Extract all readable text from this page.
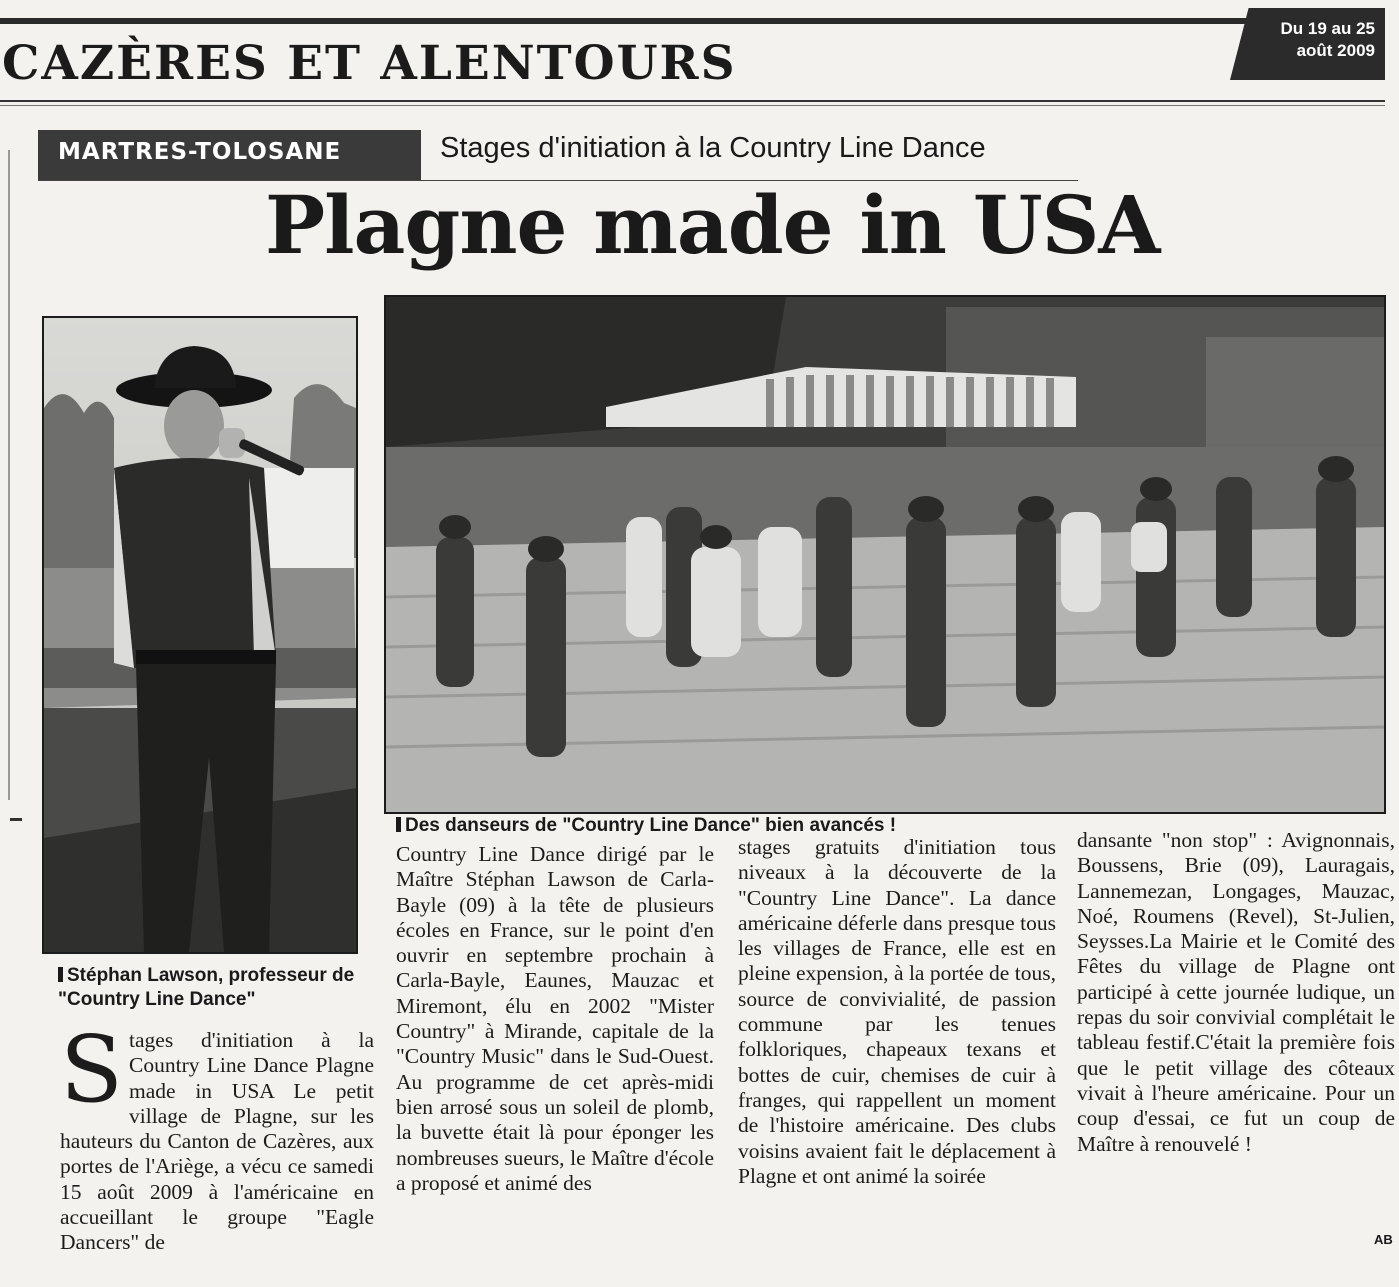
Du 19 au 25
août 2009
CAZÈRES ET ALENTOURS
MARTRES-TOLOSANE	Stages d'initiation à la Country Line Dance
Plagne made in USA
Stéphan Lawson, professeur de
"Country Line Dance"
Des danseurs de "Country Line Dance" bien avancés !

Stages d'initiation à la Country Line Dance Plagne made in USA Le petit village de Plagne, sur les hauteurs du Canton de Cazères, aux portes de l'Ariège, a vécu ce samedi 15 août 2009 à l'américaine en accueillant le groupe "Eagle Dancers" de

Country Line Dance dirigé par le Maître Stéphan Lawson de Carla-Bayle (09) à la tête de plusieurs écoles en France, sur le point d'en ouvrir en septembre prochain à Carla-Bayle, Eaunes, Mauzac et Miremont, élu en 2002 "Mister Country" à Mirande, capitale de la "Country Music" dans le Sud-Ouest. Au programme de cet après-midi bien arrosé sous un soleil de plomb, la buvette était là pour éponger les nombreuses sueurs, le Maître d'école a proposé et animé des

stages gratuits d'initiation tous niveaux à la découverte de la "Country Line Dance". La dance américaine déferle dans presque tous les villages de France, elle est en pleine expension, à la portée de tous, source de convivialité, de passion commune par les tenues folkloriques, chapeaux texans et bottes de cuir, chemises de cuir à franges, qui rappellent un moment de l'histoire américaine. Des clubs voisins avaient fait le déplacement à Plagne et ont animé la soirée

dansante "non stop" : Avignonnais, Boussens, Brie (09), Lauragais, Lannemezan, Longages, Mauzac, Noé, Roumens (Revel), St-Julien, Seysses.La Mairie et le Comité des Fêtes du village de Plagne ont participé à cette journée ludique, un repas du soir convivial complétait le tableau festif.C'était la première fois que le petit village des côteaux vivait à l'heure américaine. Pour un coup d'essai, ce fut un coup de Maître à renouvelé !

AB
